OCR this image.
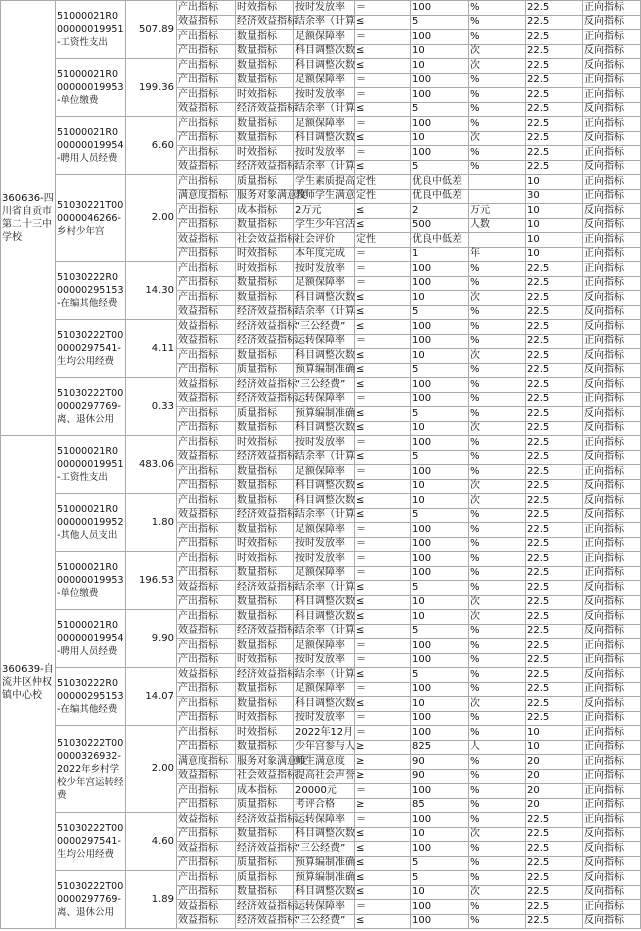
360636-四川省自贡市第二十三中学校	51000021R000000019951-工资性支出	507.89	产出指标	时效指标	按时发放率	＝	100	%	22.5	正向指标
			效益指标	经济效益指标	结余率（计算	≤	5	%	22.5	反向指标
			产出指标	数量指标	足额保障率	＝	100	%	22.5	正向指标
			产出指标	数量指标	科目调整次数	≤	10	次	22.5	反向指标
	51000021R000000019953-单位缴费	199.36	产出指标	数量指标	科目调整次数	≤	10	次	22.5	反向指标
			产出指标	数量指标	足额保障率	＝	100	%	22.5	正向指标
			产出指标	时效指标	按时发放率	＝	100	%	22.5	正向指标
			效益指标	经济效益指标	结余率（计算	≤	5	%	22.5	反向指标
	51000021R000000019954-聘用人员经费	6.60	产出指标	数量指标	足额保障率	＝	100	%	22.5	正向指标
			产出指标	数量指标	科目调整次数	≤	10	次	22.5	反向指标
			产出指标	时效指标	按时发放率	＝	100	%	22.5	正向指标
			效益指标	经济效益指标	结余率（计算	≤	5	%	22.5	反向指标
	51030221T000000046266-乡村少年宫	2.00	产出指标	质量指标	学生素质提高	定性	优良中低差		10	正向指标
			满意度指标	服务对象满意度	教师学生满意	定性	优良中低差		30	正向指标
			产出指标	成本指标	2万元	≤	2	万元	10	反向指标
			产出指标	数量指标	学生少年宫活	≤	500	人数	10	反向指标
			效益指标	社会效益指标	社会评价	定性	优良中低差		10	正向指标
			产出指标	时效指标	本年度完成	＝	1	年	10	正向指标
	51030222R000000295153-在编其他经费	14.30	产出指标	时效指标	按时发放率	＝	100	%	22.5	正向指标
			产出指标	数量指标	足额保障率	＝	100	%	22.5	正向指标
			产出指标	数量指标	科目调整次数	≤	10	次	22.5	反向指标
			效益指标	经济效益指标	结余率（计算	≤	5	%	22.5	反向指标
	51030222T000000297541-生均公用经费	4.11	效益指标	经济效益指标	“三公经费”	≤	100	%	22.5	反向指标
			效益指标	经济效益指标	运转保障率	＝	100	%	22.5	正向指标
			产出指标	数量指标	科目调整次数	≤	10	次	22.5	反向指标
			产出指标	质量指标	预算编制准确	≤	5	%	22.5	反向指标
	51030222T000000297769-离、退休公用	0.33	效益指标	经济效益指标	“三公经费”	≤	100	%	22.5	反向指标
			效益指标	经济效益指标	运转保障率	＝	100	%	22.5	正向指标
			产出指标	质量指标	预算编制准确	≤	5	%	22.5	反向指标
			产出指标	数量指标	科目调整次数	≤	10	次	22.5	反向指标
360639-自流井区仲权镇中心校	51000021R000000019951-工资性支出	483.06	产出指标	时效指标	按时发放率	＝	100	%	22.5	正向指标
			效益指标	经济效益指标	结余率（计算	≤	5	%	22.5	反向指标
			产出指标	数量指标	足额保障率	＝	100	%	22.5	正向指标
			产出指标	数量指标	科目调整次数	≤	10	次	22.5	反向指标
	51000021R000000019952-其他人员支出	1.80	产出指标	数量指标	科目调整次数	≤	10	次	22.5	反向指标
			效益指标	经济效益指标	结余率（计算	≤	5	%	22.5	反向指标
			产出指标	数量指标	足额保障率	＝	100	%	22.5	正向指标
			产出指标	时效指标	按时发放率	＝	100	%	22.5	正向指标
	51000021R000000019953-单位缴费	196.53	产出指标	时效指标	按时发放率	＝	100	%	22.5	正向指标
			产出指标	数量指标	足额保障率	＝	100	%	22.5	正向指标
			效益指标	经济效益指标	结余率（计算	≤	5	%	22.5	反向指标
			产出指标	数量指标	科目调整次数	≤	10	次	22.5	反向指标
	51000021R000000019954-聘用人员经费	9.90	产出指标	数量指标	科目调整次数	≤	10	次	22.5	反向指标
			效益指标	经济效益指标	结余率（计算	≤	5	%	22.5	反向指标
			产出指标	数量指标	足额保障率	＝	100	%	22.5	正向指标
			产出指标	时效指标	按时发放率	＝	100	%	22.5	正向指标
	51030222R000000295153-在编其他经费	14.07	效益指标	经济效益指标	结余率（计算	≤	5	%	22.5	反向指标
			产出指标	数量指标	足额保障率	＝	100	%	22.5	正向指标
			产出指标	数量指标	科目调整次数	≤	10	次	22.5	反向指标
			产出指标	时效指标	按时发放率	＝	100	%	22.5	正向指标
	51030222T000000326932-2022年乡村学校少年宫运转经费	2.00	产出指标	时效指标	2022年12月	＝	100	%	10	正向指标
			产出指标	数量指标	少年宫参与人	≥	825	人	10	正向指标
			满意度指标	服务对象满意度	师生满意度	≥	90	%	20	正向指标
			效益指标	社会效益指标	提高社会声誉	≥	90	%	20	正向指标
			产出指标	成本指标	20000元	＝	100	%	20	正向指标
			产出指标	质量指标	考评合格	≥	85	%	20	正向指标
	51030222T000000297541-生均公用经费	4.60	效益指标	经济效益指标	运转保障率	＝	100	%	22.5	正向指标
			产出指标	数量指标	科目调整次数	≤	10	次	22.5	反向指标
			效益指标	经济效益指标	“三公经费”	≤	100	%	22.5	反向指标
			产出指标	质量指标	预算编制准确	≤	5	%	22.5	反向指标
	51030222T000000297769-离、退休公用	1.89	产出指标	质量指标	预算编制准确	≤	5	%	22.5	反向指标
			产出指标	数量指标	科目调整次数	≤	10	次	22.5	反向指标
			效益指标	经济效益指标	运转保障率	＝	100	%	22.5	正向指标
			效益指标	经济效益指标	“三公经费”	≤	100	%	22.5	反向指标
